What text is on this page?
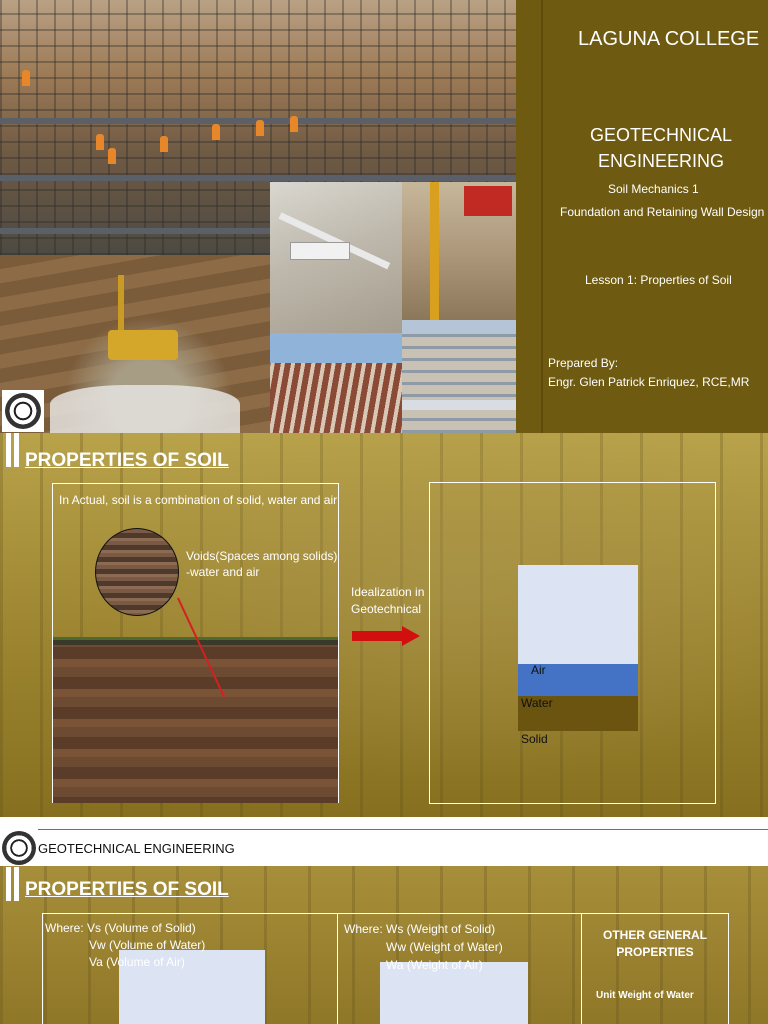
LAGUNA COLLEGE
GEOTECHNICAL
ENGINEERING
Soil Mechanics 1
Foundation and Retaining Wall Design
Lesson 1: Properties of Soil
Prepared By:
Engr. Glen Patrick Enriquez, RCE,MR
PROPERTIES OF SOIL
In Actual, soil is a combination of solid, water and air
Voids(Spaces among solids)
-water and air
Idealization in
Geotechnical
Air
Water
Solid
GEOTECHNICAL ENGINEERING
PROPERTIES OF SOIL
Where: Vs (Volume of Solid)
Vw (Volume of Water)
Va (Volume of Air)
Where: Ws (Weight of Solid)
Ww (Weight of Water)
Wa (Weight of Air)
OTHER GENERAL
PROPERTIES
Unit Weight of Water
